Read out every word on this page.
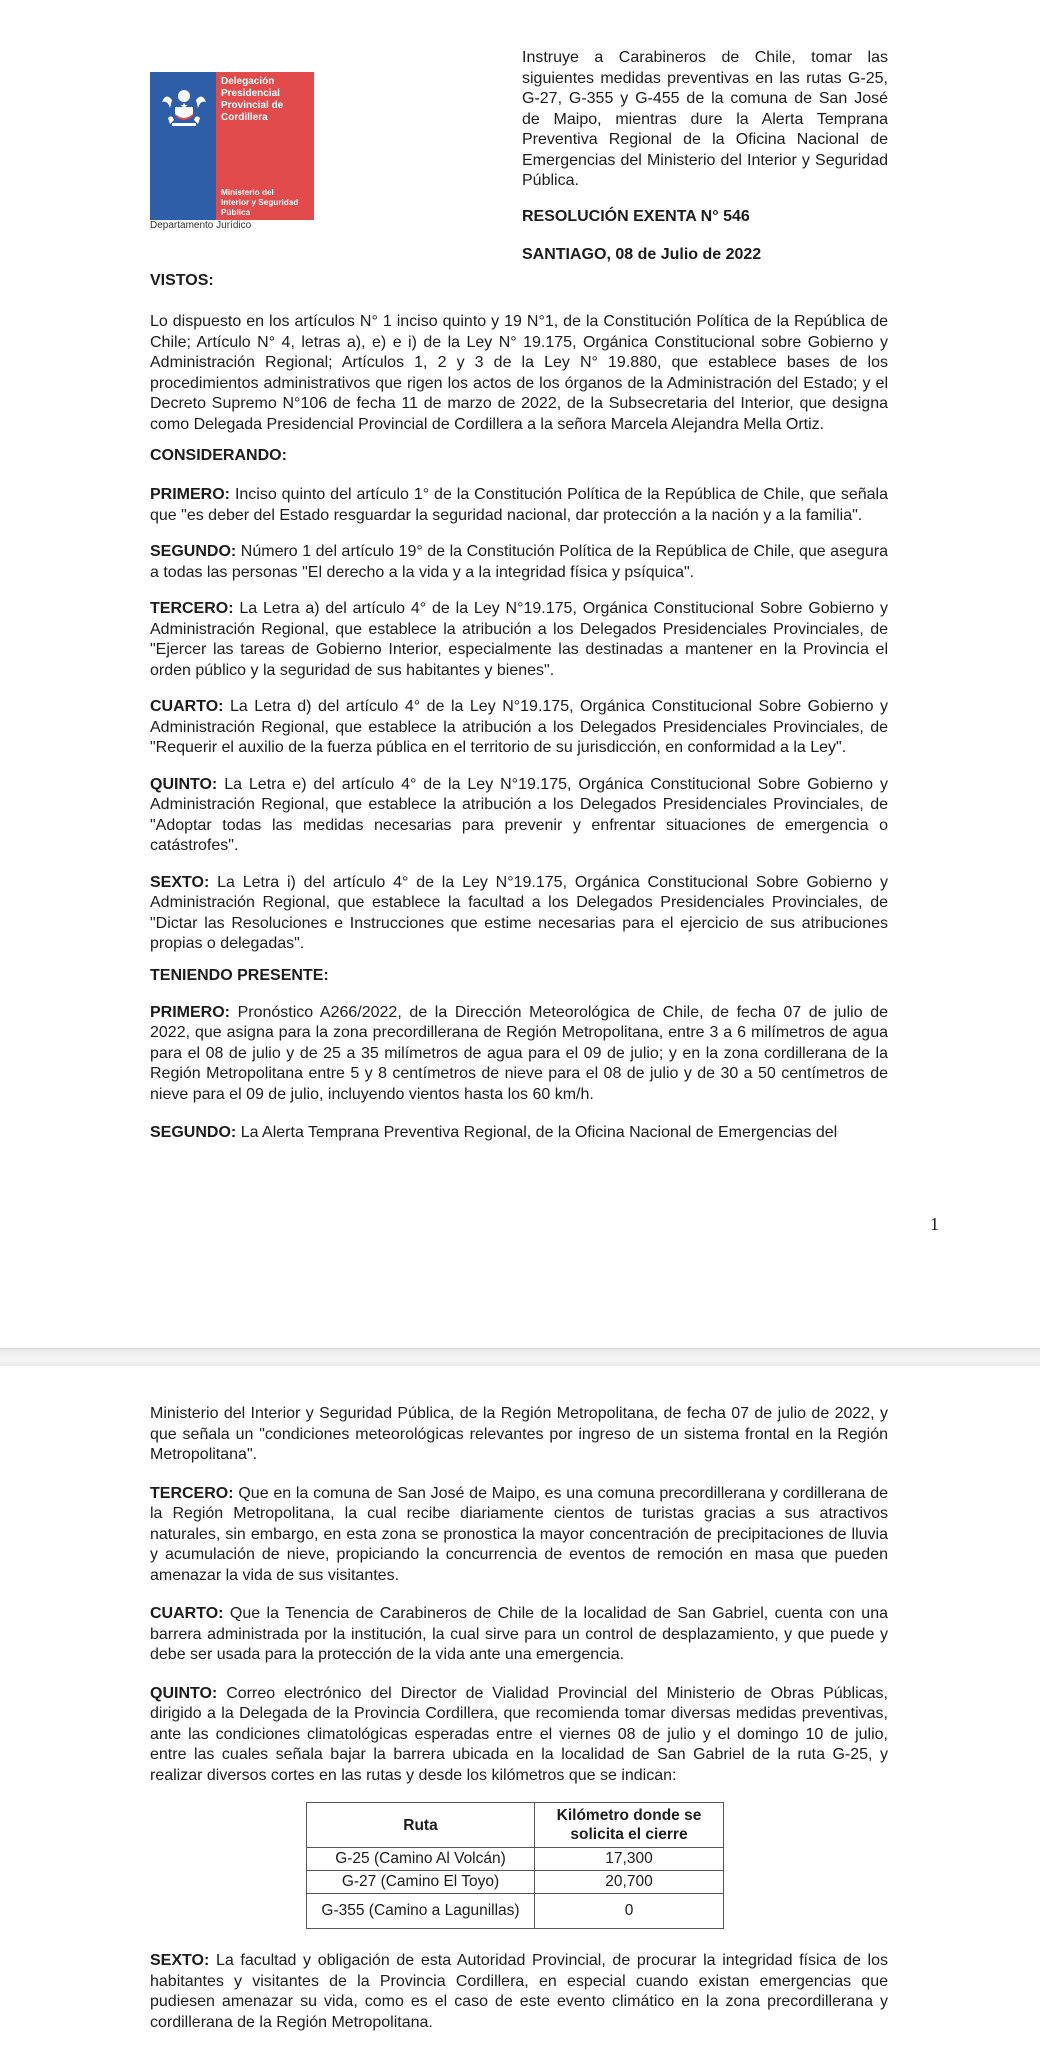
Delegación
Presidencial
Provincial de
Cordillera
Ministerio del
Interior y Seguridad
Pública
Departamento Jurídico

Instruye a Carabineros de Chile, tomar las siguientes medidas preventivas en las rutas G-25, G-27, G-355 y G-455 de la comuna de San José de Maipo, mientras dure la Alerta Temprana Preventiva Regional de la Oficina Nacional de Emergencias del Ministerio del Interior y Seguridad Pública.

RESOLUCIÓN EXENTA N° 546

SANTIAGO, 08 de Julio de 2022

VISTOS:

Lo dispuesto en los artículos N° 1 inciso quinto y 19 N°1, de la Constitución Política de la República de Chile; Artículo N° 4, letras a), e) e i) de la Ley N° 19.175, Orgánica Constitucional sobre Gobierno y Administración Regional; Artículos 1, 2 y 3 de la Ley N° 19.880, que establece bases de los procedimientos administrativos que rigen los actos de los órganos de la Administración del Estado; y el Decreto Supremo N°106 de fecha 11 de marzo de 2022, de la Subsecretaria del Interior, que designa como Delegada Presidencial Provincial de Cordillera a la señora Marcela Alejandra Mella Ortiz.

CONSIDERANDO:

PRIMERO: Inciso quinto del artículo 1° de la Constitución Política de la República de Chile, que señala que "es deber del Estado resguardar la seguridad nacional, dar protección a la nación y a la familia".

SEGUNDO: Número 1 del artículo 19° de la Constitución Política de la República de Chile, que asegura a todas las personas "El derecho a la vida y a la integridad física y psíquica".

TERCERO: La Letra a) del artículo 4° de la Ley N°19.175, Orgánica Constitucional Sobre Gobierno y Administración Regional, que establece la atribución a los Delegados Presidenciales Provinciales, de "Ejercer las tareas de Gobierno Interior, especialmente las destinadas a mantener en la Provincia el orden público y la seguridad de sus habitantes y bienes".

CUARTO: La Letra d) del artículo 4° de la Ley N°19.175, Orgánica Constitucional Sobre Gobierno y Administración Regional, que establece la atribución a los Delegados Presidenciales Provinciales, de "Requerir el auxilio de la fuerza pública en el territorio de su jurisdicción, en conformidad a la Ley".

QUINTO: La Letra e) del artículo 4° de la Ley N°19.175, Orgánica Constitucional Sobre Gobierno y Administración Regional, que establece la atribución a los Delegados Presidenciales Provinciales, de "Adoptar todas las medidas necesarias para prevenir y enfrentar situaciones de emergencia o catástrofes".

SEXTO: La Letra i) del artículo 4° de la Ley N°19.175, Orgánica Constitucional Sobre Gobierno y Administración Regional, que establece la facultad a los Delegados Presidenciales Provinciales, de "Dictar las Resoluciones e Instrucciones que estime necesarias para el ejercicio de sus atribuciones propias o delegadas".

TENIENDO PRESENTE:

PRIMERO: Pronóstico A266/2022, de la Dirección Meteorológica de Chile, de fecha 07 de julio de 2022, que asigna para la zona precordillerana de Región Metropolitana, entre 3 a 6 milímetros de agua para el 08 de julio y de 25 a 35 milímetros de agua para el 09 de julio; y en la zona cordillerana de la Región Metropolitana entre 5 y 8 centímetros de nieve para el 08 de julio y de 30 a 50 centímetros de nieve para el 09 de julio, incluyendo vientos hasta los 60 km/h.

SEGUNDO: La Alerta Temprana Preventiva Regional, de la Oficina Nacional de Emergencias del

1

Ministerio del Interior y Seguridad Pública, de la Región Metropolitana, de fecha 07 de julio de 2022, y que señala un "condiciones meteorológicas relevantes por ingreso de un sistema frontal en la Región Metropolitana".

TERCERO: Que en la comuna de San José de Maipo, es una comuna precordillerana y cordillerana de la Región Metropolitana, la cual recibe diariamente cientos de turistas gracias a sus atractivos naturales, sin embargo, en esta zona se pronostica la mayor concentración de precipitaciones de lluvia y acumulación de nieve, propiciando la concurrencia de eventos de remoción en masa que pueden amenazar la vida de sus visitantes.

CUARTO: Que la Tenencia de Carabineros de Chile de la localidad de San Gabriel, cuenta con una barrera administrada por la institución, la cual sirve para un control de desplazamiento, y que puede y debe ser usada para la protección de la vida ante una emergencia.

QUINTO: Correo electrónico del Director de Vialidad Provincial del Ministerio de Obras Públicas, dirigido a la Delegada de la Provincia Cordillera, que recomienda tomar diversas medidas preventivas, ante las condiciones climatológicas esperadas entre el viernes 08 de julio y el domingo 10 de julio, entre las cuales señala bajar la barrera ubicada en la localidad de San Gabriel de la ruta G-25, y realizar diversos cortes en las rutas y desde los kilómetros que se indican:

Ruta	Kilómetro donde se solicita el cierre
G-25 (Camino Al Volcán)	17,300
G-27 (Camino El Toyo)	20,700
G-355 (Camino a Lagunillas)	0

SEXTO: La facultad y obligación de esta Autoridad Provincial, de procurar la integridad física de los habitantes y visitantes de la Provincia Cordillera, en especial cuando existan emergencias que pudiesen amenazar su vida, como es el caso de este evento climático en la zona precordillerana y cordillerana de la Región Metropolitana.
